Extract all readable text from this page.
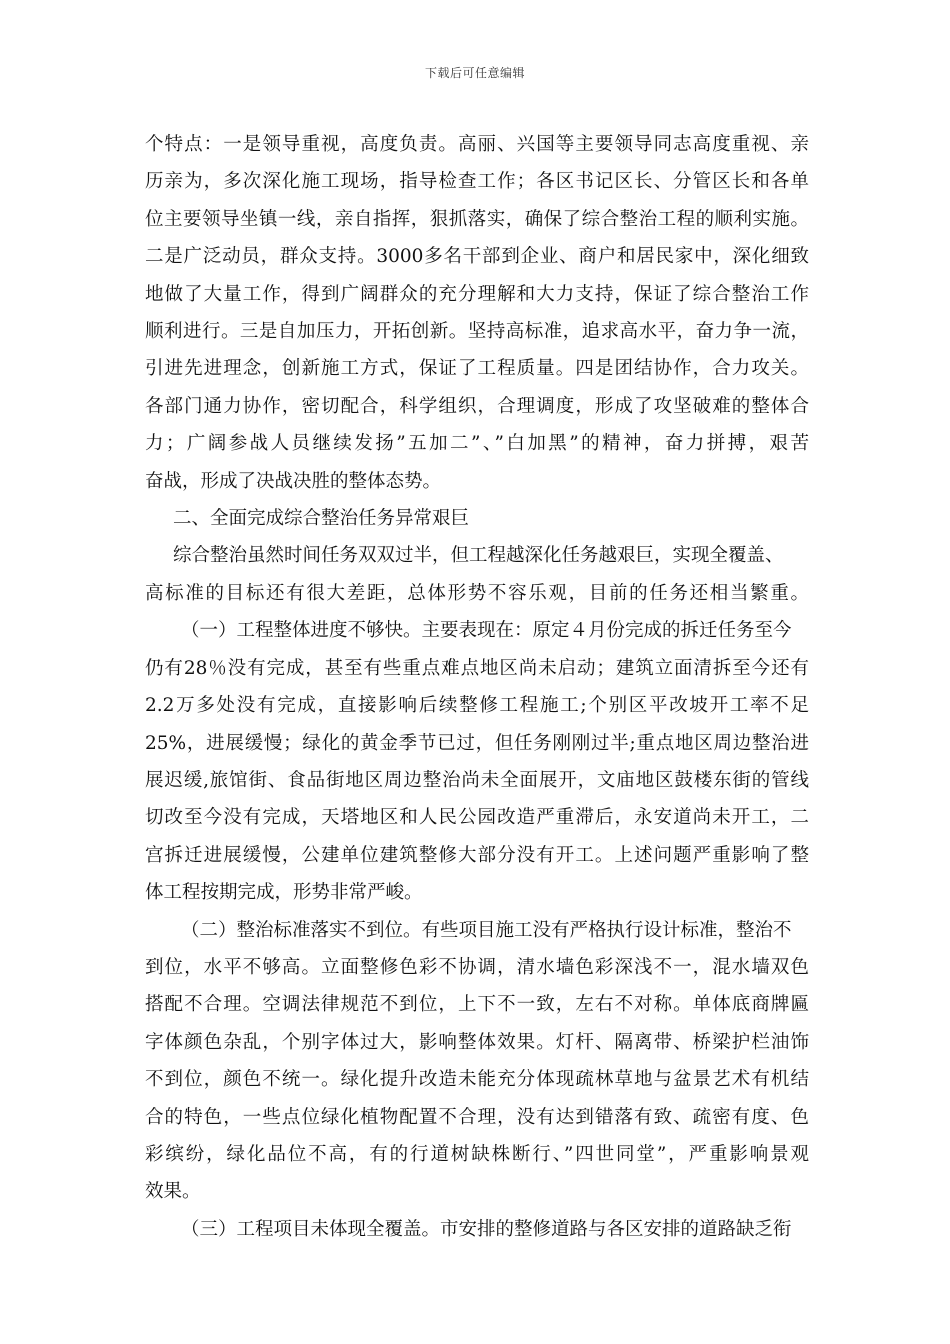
下载后可任意编辑
个特点：一是领导重视，高度负责。高丽、兴国等主要领导同志高度重视、亲
历亲为，多次深化施工现场，指导检查工作；各区书记区长、分管区长和各单
位主要领导坐镇一线，亲自指挥，狠抓落实，确保了综合整治工程的顺利实施。
二是广泛动员，群众支持。3000多名干部到企业、商户和居民家中，深化细致
地做了大量工作，得到广阔群众的充分理解和大力支持，保证了综合整治工作
顺利进行。三是自加压力，开拓创新。坚持高标准，追求高水平，奋力争一流，
引进先进理念，创新施工方式，保证了工程质量。四是团结协作，合力攻关。
各部门通力协作，密切配合，科学组织，合理调度，形成了攻坚破难的整体合
力；广阔参战人员继续发扬”五加二”、”白加黑”的精神，奋力拼搏，艰苦
奋战，形成了决战决胜的整体态势。
二、全面完成综合整治任务异常艰巨
综合整治虽然时间任务双双过半，但工程越深化任务越艰巨，实现全覆盖、
高标准的目标还有很大差距，总体形势不容乐观，目前的任务还相当繁重。
（一）工程整体进度不够快。主要表现在：原定４月份完成的拆迁任务至今
仍有28％没有完成，甚至有些重点难点地区尚未启动；建筑立面清拆至今还有
2.2万多处没有完成，直接影响后续整修工程施工;个别区平改坡开工率不足
25%，进展缓慢；绿化的黄金季节已过，但任务刚刚过半;重点地区周边整治进
展迟缓,旅馆街、食品街地区周边整治尚未全面展开，文庙地区鼓楼东街的管线
切改至今没有完成，天塔地区和人民公园改造严重滞后，永安道尚未开工，二
宫拆迁进展缓慢，公建单位建筑整修大部分没有开工。上述问题严重影响了整
体工程按期完成，形势非常严峻。
（二）整治标准落实不到位。有些项目施工没有严格执行设计标准，整治不
到位，水平不够高。立面整修色彩不协调，清水墙色彩深浅不一，混水墙双色
搭配不合理。空调法律规范不到位，上下不一致，左右不对称。单体底商牌匾
字体颜色杂乱，个别字体过大，影响整体效果。灯杆、隔离带、桥梁护栏油饰
不到位，颜色不统一。绿化提升改造未能充分体现疏林草地与盆景艺术有机结
合的特色，一些点位绿化植物配置不合理，没有达到错落有致、疏密有度、色
彩缤纷，绿化品位不高，有的行道树缺株断行、”四世同堂”，严重影响景观
效果。
（三）工程项目未体现全覆盖。市安排的整修道路与各区安排的道路缺乏衔
